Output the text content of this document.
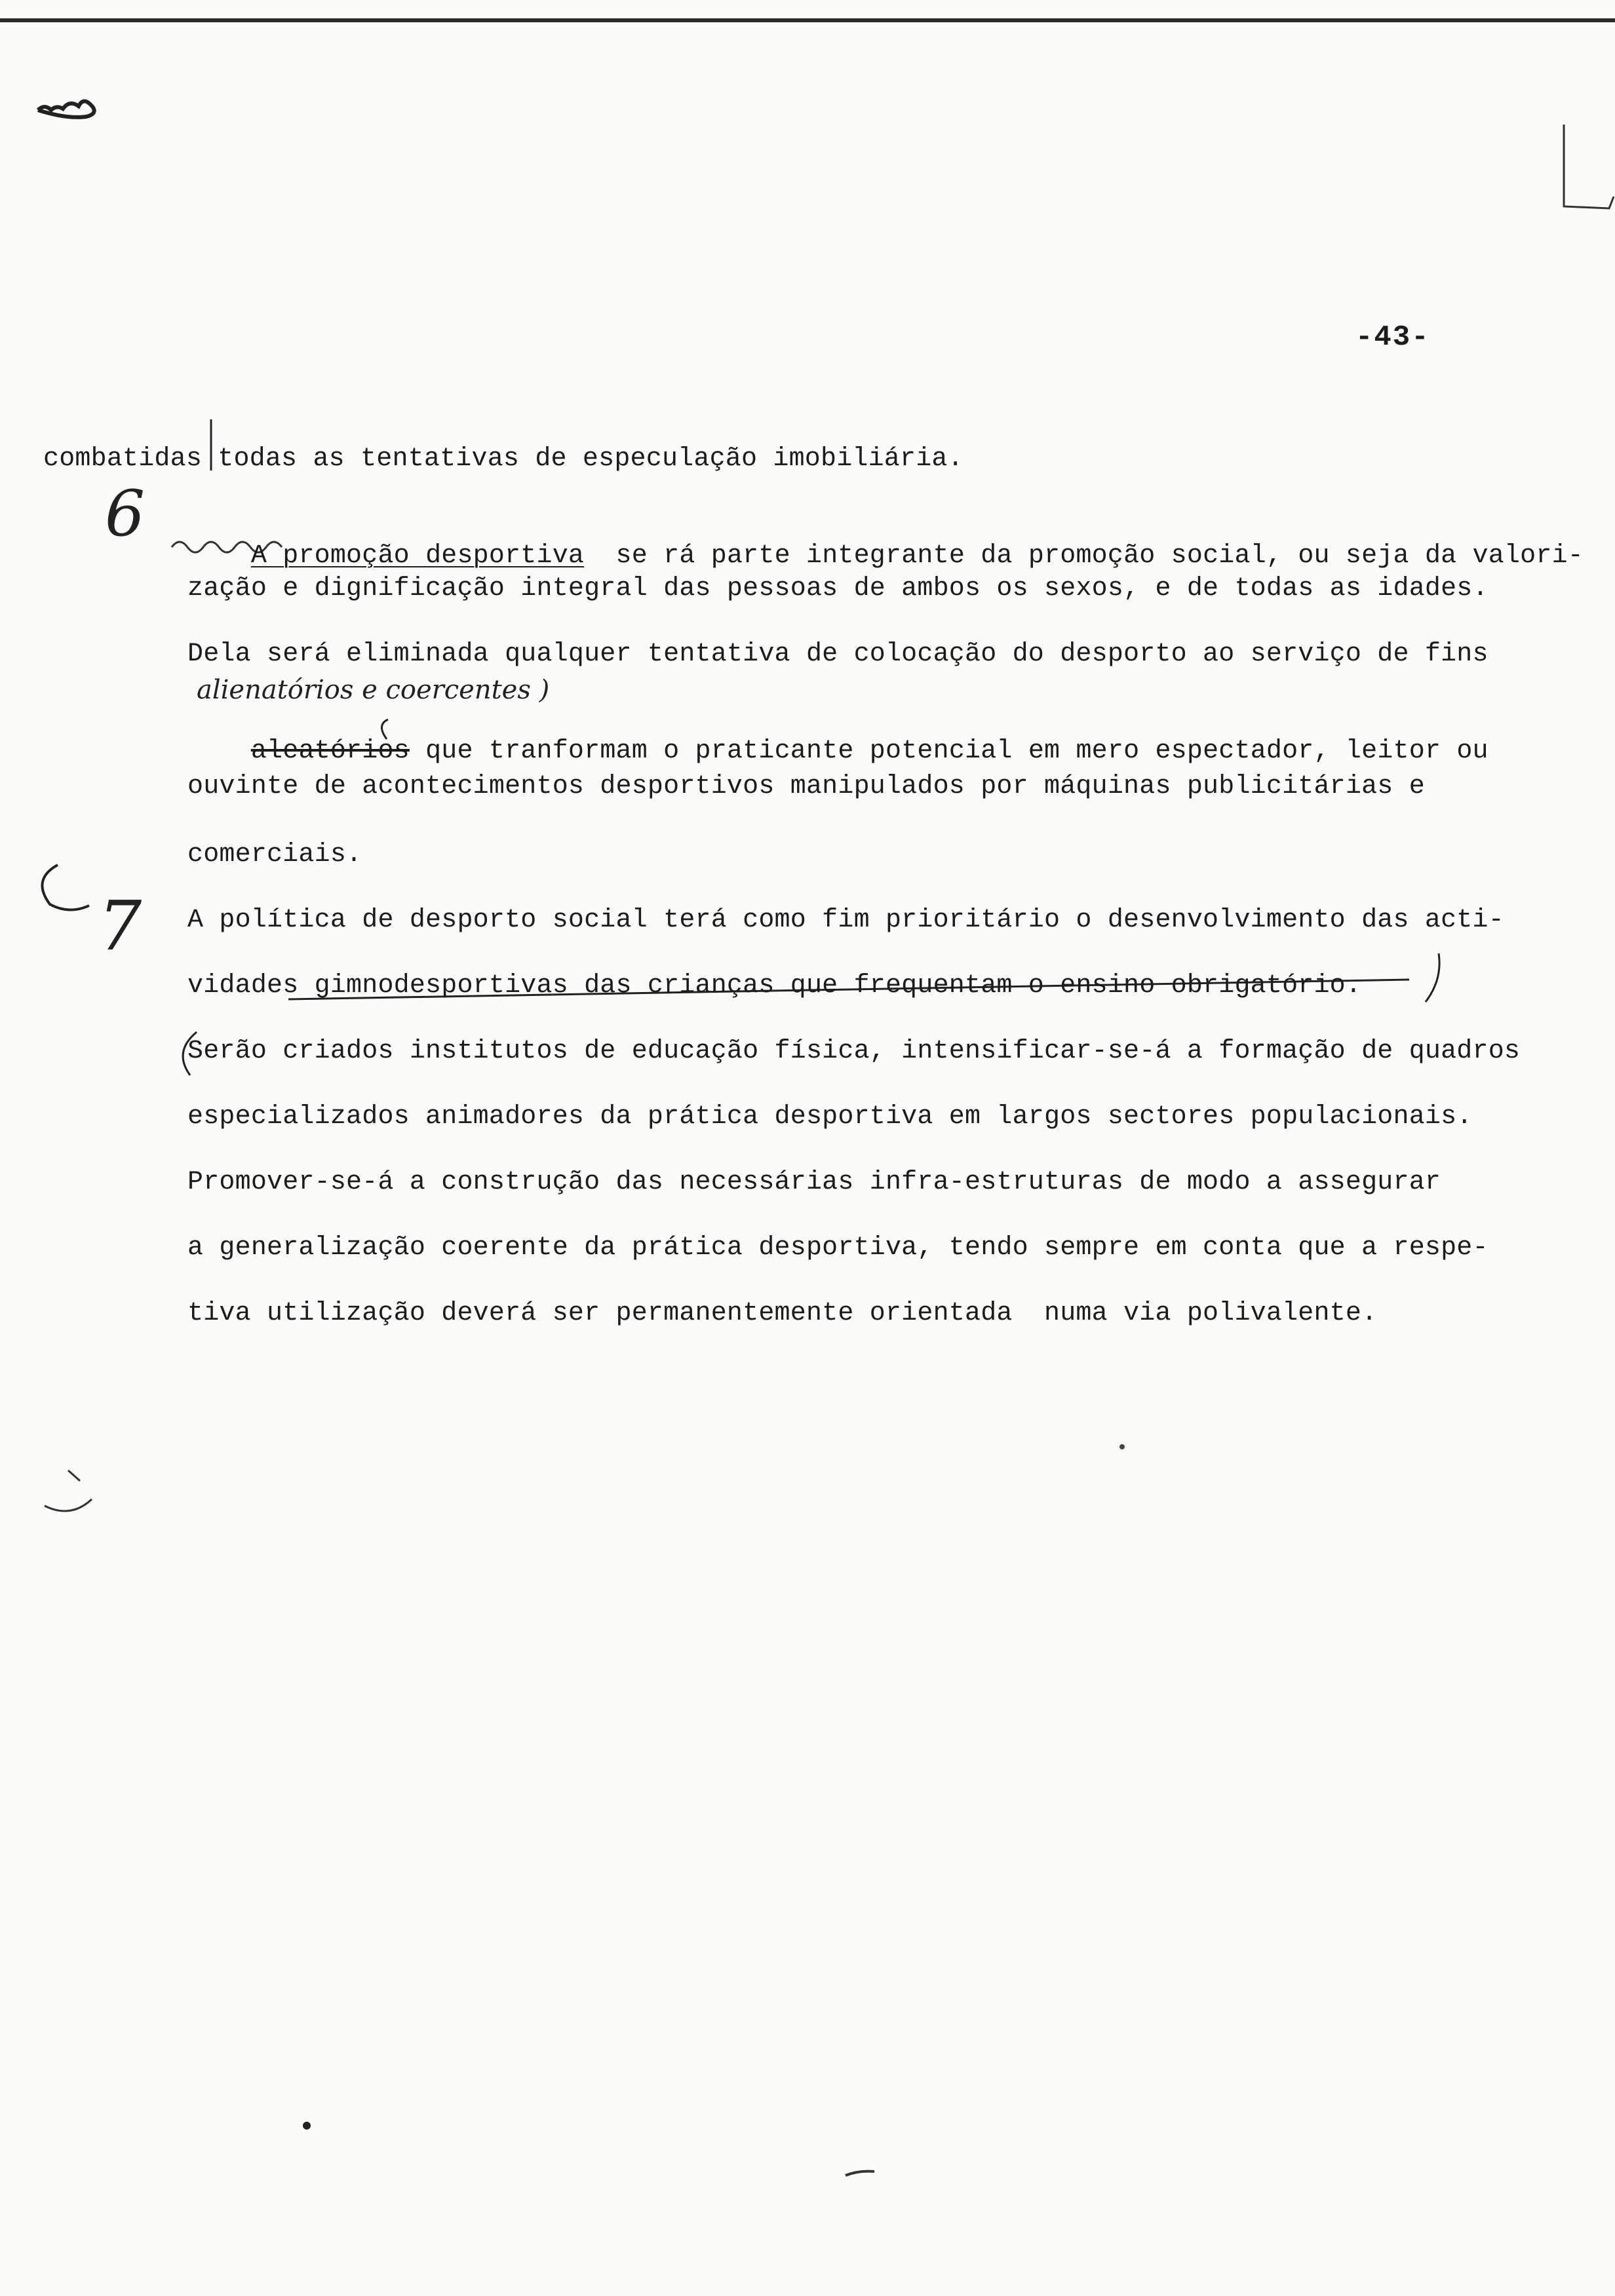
-43-
6
7
combatidas todas as tentativas de especulação imobiliária.

A promoção desportiva se rá parte integrante da promoção social, ou seja da valori-

zação e dignificação integral das pessoas de ambos os sexos, e de todas as idades.
Dela será eliminada qualquer tentativa de colocação do desporto ao serviço de fins
alienatórios e coercentes )

aleatórios que tranformam o praticante potencial em mero espectador, leitor ou

ouvinte de acontecimentos desportivos manipulados por máquinas publicitárias e
comerciais.
A política de desporto social terá como fim prioritário o desenvolvimento das acti-
vidades gimnodesportivas das crianças que frequentam o ensino obrigatório.
Serão criados institutos de educação física, intensificar-se-á a formação de quadros
especializados animadores da prática desportiva em largos sectores populacionais.
Promover-se-á a construção das necessárias infra-estruturas de modo a assegurar
a generalização coerente da prática desportiva, tendo sempre em conta que a respe-
tiva utilização deverá ser permanentemente orientada  numa via polivalente.
